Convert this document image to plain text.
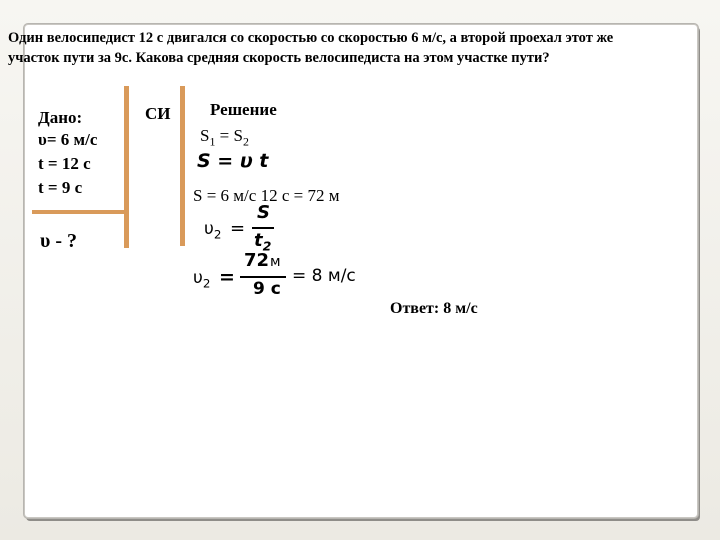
Один велосипедист 12 с двигался со скоростью со скоростью 6 м/с, а второй проехал этот же
участок пути за 9с. Какова средняя скорость велосипедиста на этом участке пути?
Дано:
υ= 6 м/с
t = 12 с
t = 9 с
υ - ?
СИ Решение
$S_1 = S_2$
S = υ t
S = 6 м/с 12 с = 72 м
$\upsilon_2$ =
S
$t_2$
$\upsilon_2$ =
72 м
9 с
= 8 м/с
Ответ: 8 м/с
